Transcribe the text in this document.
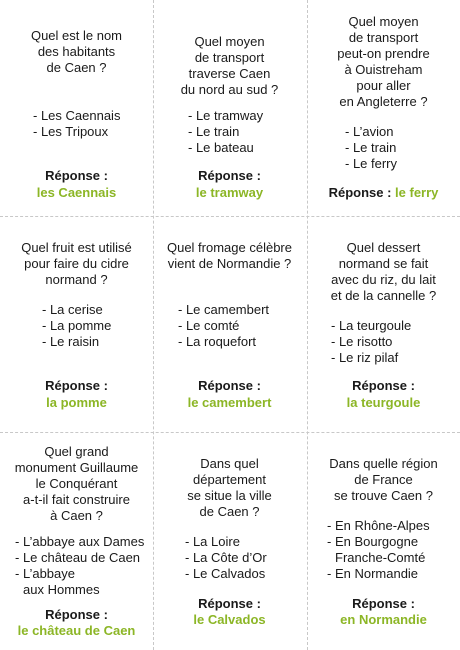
Quel est le nom
des habitants
de Caen ?
- Les Caennais
- Les Tripoux
Réponse :
les Caennais
Quel moyen
de transport
traverse Caen
du nord au sud ?
- Le tramway
- Le train
- Le bateau
Réponse :
le tramway
Quel moyen
de transport
peut-on prendre
à Ouistreham
pour aller
en Angleterre ?
- L’avion
- Le train
- Le ferry
Réponse : le ferry
Quel fruit est utilisé
pour faire du cidre
normand ?
- La cerise
- La pomme
- Le raisin
Réponse :
la pomme
Quel fromage célèbre
vient de Normandie ?
- Le camembert
- Le comté
- La roquefort
Réponse :
le camembert
Quel dessert
normand se fait
avec du riz, du lait
et de la cannelle ?
- La teurgoule
- Le risotto
- Le riz pilaf
Réponse :
la teurgoule
Quel grand
monument Guillaume
le Conquérant
a-t-il fait construire
à Caen ?
- L’abbaye aux Dames
- Le château de Caen
- L’abbaye
aux Hommes
Réponse :
le château de Caen
Dans quel
département
se situe la ville
de Caen ?
- La Loire
- La Côte d’Or
- Le Calvados
Réponse :
le Calvados
Dans quelle région
de France
se trouve Caen ?
- En Rhône-Alpes
- En Bourgogne
Franche-Comté
- En Normandie
Réponse :
en Normandie
